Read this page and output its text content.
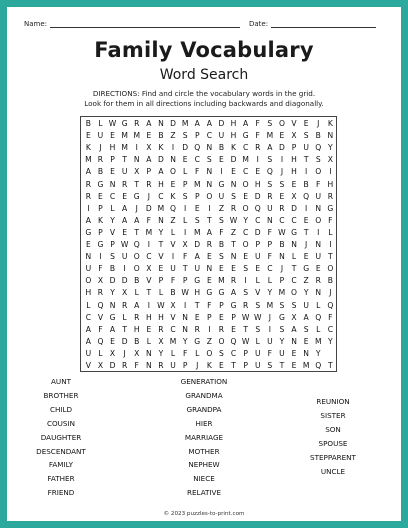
Name:	Date:
Family Vocabulary
Word Search
DIRECTIONS: Find and circle the vocabulary words in the grid.
Look for them in all directions including backwards and diagonally.
B L W G R A N D M A A D H A F S O V E	J	K
E U E M M E B Z S P C U H G F M E X S B N
K	J	H M	I	X K	I	D Q N B K C R A D P U Q Y
M R P T N A D N E C S E D M	I	S	I	H T S X
A B E U X P A O L	F N	I	E C E Q	J	H	I	O	I
R G N R T R H E P M N G N O H S S E B F H
R E C E G	J	C K S P O U S E D R E X Q U R
I	P	L A	J	D M Q	I	E	I	Z R O Q U R D	I	N G
A K Y A A F N Z L S T S W Y C N C C E O F
G P V E T M Y	L	I	M A F Z C D F W G T	I	L
E G P W Q	I	T V X D R B T O P P B N	J	N	I
N	I	S U O C V	I	F A E S N E U F N L E U T
U F B	I	O X E U T U N E E S E C	J	T G E O
O X D D B V P	F	P G E M R	I	L	L	P C Z R B
H R Y X L	T	L B W H G G A S V Y M O Y N	J
L Q N R A	I W X	I	T	F	P G R S M S S U L Q
C V G L R H H V N E P E P W W J	G X A Q F
A F A T H E R C N R	I	R E T S	I	S A S L C
A Q E D B L X M Y G Z O Q W L U Y N E M Y
U L X	J	X N Y	L	F	L O S C P U F U E N Y
V X D R F N R U P	J	K E T P U S T E M Q T
AUNT
BROTHER
CHILD
COUSIN
DAUGHTER
DESCENDANT
FAMILY
FATHER
FRIEND
GENERATION
GRANDMA
GRANDPA
HIER
MARRIAGE
MOTHER
NEPHEW
NIECE
RELATIVE
REUNION
SISTER
SON
SPOUSE
STEPPARENT
UNCLE
© 2023 puzzles-to-print.com
